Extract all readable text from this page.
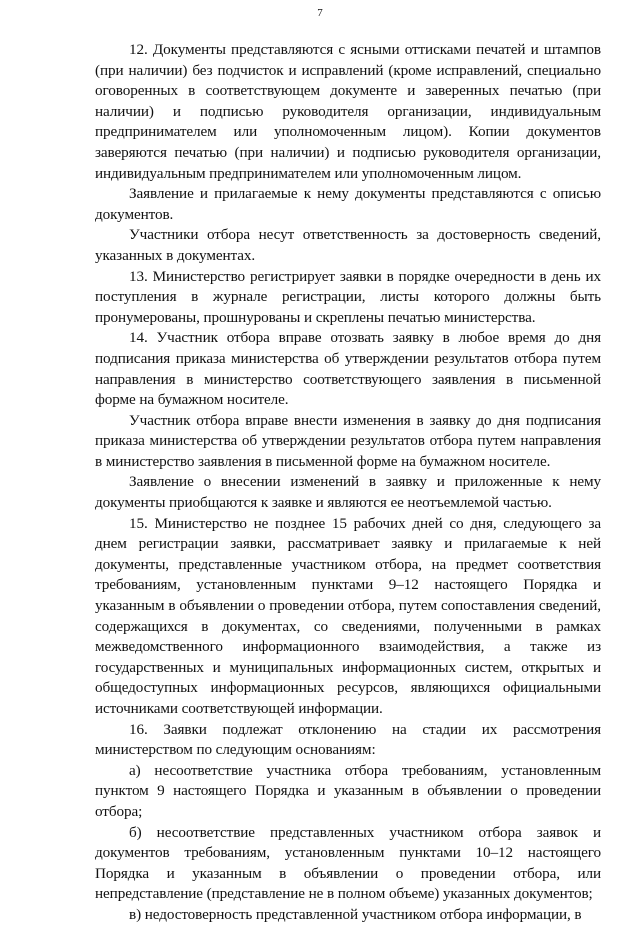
7

12. Документы представляются с ясными оттисками печатей и штампов (при наличии) без подчисток и исправлений (кроме исправлений, специально оговоренных в соответствующем документе и заверенных печатью (при наличии) и подписью руководителя организации, индивидуальным предпринимателем или уполномоченным лицом). Копии документов заверяются печатью (при наличии) и подписью руководителя организации, индивидуальным предпринимателем или уполномоченным лицом.

Заявление и прилагаемые к нему документы представляются с описью документов.

Участники отбора несут ответственность за достоверность сведений, указанных в документах.

13. Министерство регистрирует заявки в порядке очередности в день их поступления в журнале регистрации, листы которого должны быть пронумерованы, прошнурованы и скреплены печатью министерства.

14. Участник отбора вправе отозвать заявку в любое время до дня подписания приказа министерства об утверждении результатов отбора путем направления в министерство соответствующего заявления в письменной форме на бумажном носителе.

Участник отбора вправе внести изменения в заявку до дня подписания приказа министерства об утверждении результатов отбора путем направления в министерство заявления в письменной форме на бумажном носителе.

Заявление о внесении изменений в заявку и приложенные к нему документы приобщаются к заявке и являются ее неотъемлемой частью.

15. Министерство не позднее 15 рабочих дней со дня, следующего за днем регистрации заявки, рассматривает заявку и прилагаемые к ней документы, представленные участником отбора, на предмет соответствия требованиям, установленным пунктами 9–12 настоящего Порядка и указанным в объявлении о проведении отбора, путем сопоставления сведений, содержащихся в документах, со сведениями, полученными в рамках межведомственного информационного взаимодействия, а также из государственных и муниципальных информационных систем, открытых и общедоступных информационных ресурсов, являющихся официальными источниками соответствующей информации.

16. Заявки подлежат отклонению на стадии их рассмотрения министерством по следующим основаниям:

а) несоответствие участника отбора требованиям, установленным пунктом 9 настоящего Порядка и указанным в объявлении о проведении отбора;

б) несоответствие представленных участником отбора заявок и документов требованиям, установленным пунктами 10–12 настоящего Порядка и указанным в объявлении о проведении отбора, или непредставление (представление не в полном объеме) указанных документов;

в) недостоверность представленной участником отбора информации, в
